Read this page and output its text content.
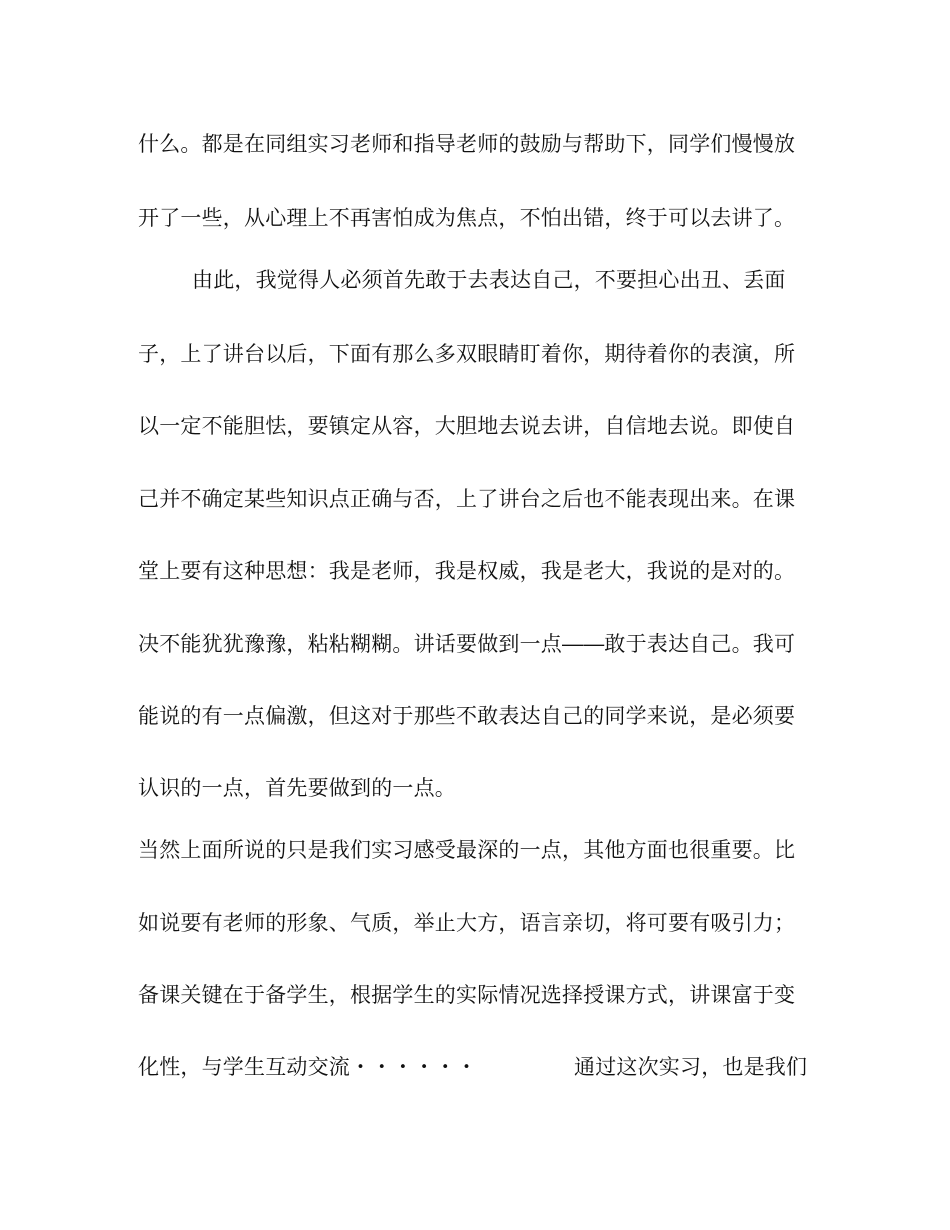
什么。都是在同组实习老师和指导老师的鼓励与帮助下，同学们慢慢放
开了一些，从心理上不再害怕成为焦点，不怕出错，终于可以去讲了。
由此，我觉得人必须首先敢于去表达自己，不要担心出丑、丢面
子，上了讲台以后，下面有那么多双眼睛盯着你，期待着你的表演，所
以一定不能胆怯，要镇定从容，大胆地去说去讲，自信地去说。即使自
己并不确定某些知识点正确与否，上了讲台之后也不能表现出来。在课
堂上要有这种思想：我是老师，我是权威，我是老大，我说的是对的。
决不能犹犹豫豫，粘粘糊糊。讲话要做到一点――敢于表达自己。我可
能说的有一点偏激，但这对于那些不敢表达自己的同学来说，是必须要
认识的一点，首先要做到的一点。
当然上面所说的只是我们实习感受最深的一点，其他方面也很重要。比
如说要有老师的形象、气质，举止大方，语言亲切，将可要有吸引力；
备课关键在于备学生，根据学生的实际情况选择授课方式，讲课富于变
化性，与学生互动交流・・・・・・	通过这次实习，也是我们
